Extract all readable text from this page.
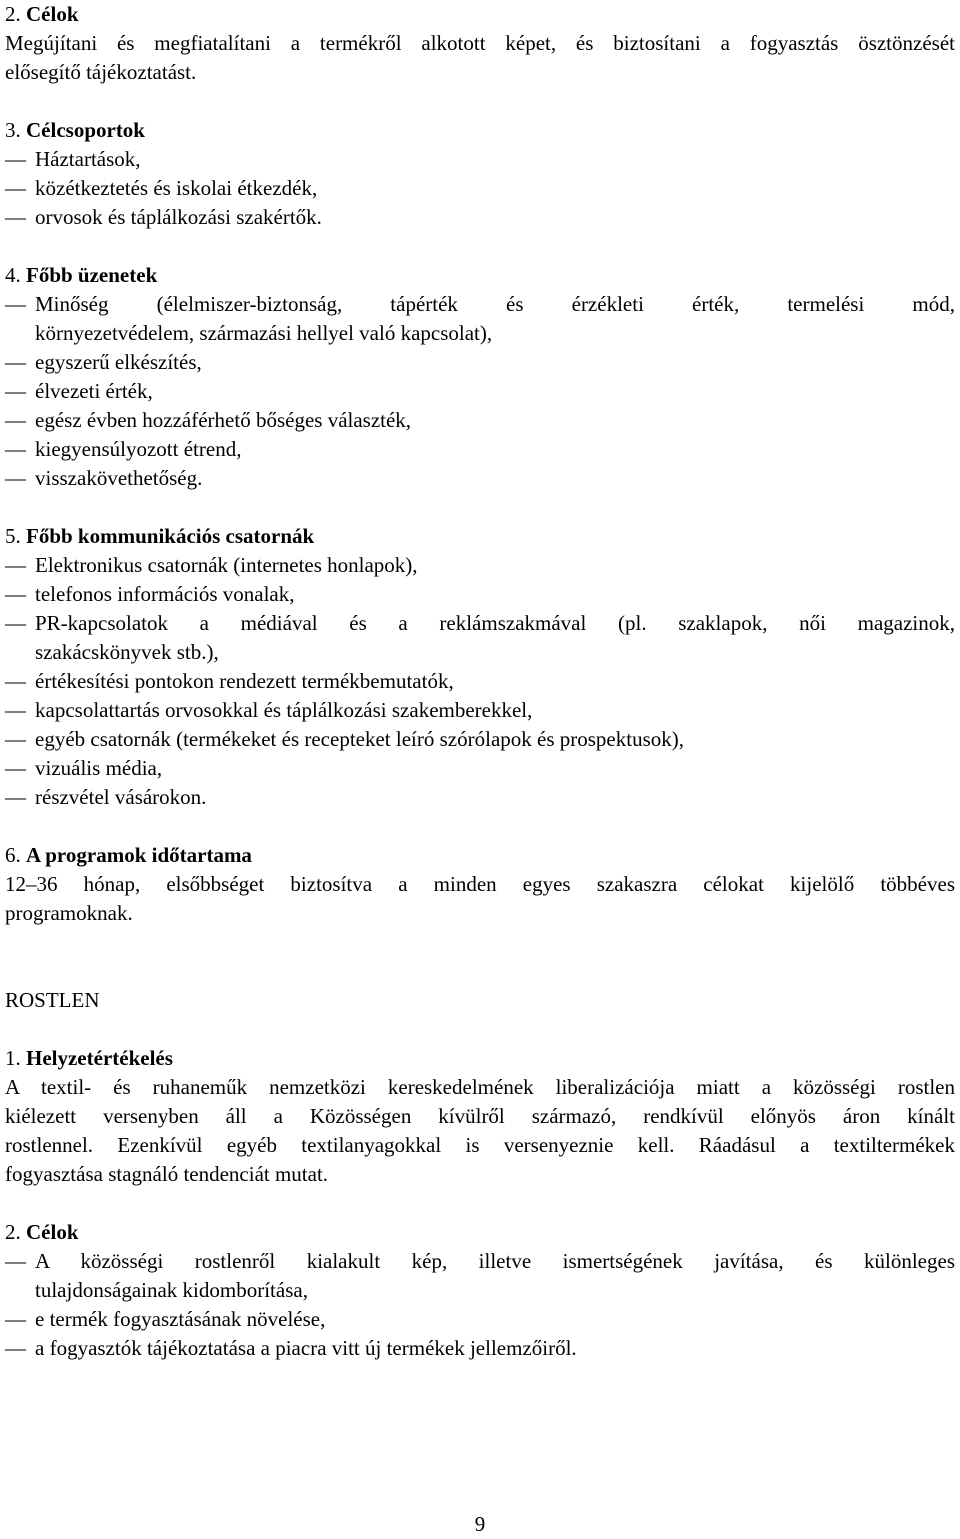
2. Célok
Megújítani és megfiatalítani a termékről alkotott képet, és biztosítani a fogyasztás ösztönzését
elősegítő tájékoztatást.
3. Célcsoportok
— Háztartások,
— közétkeztetés és iskolai étkezdék,
— orvosok és táplálkozási szakértők.
4. Főbb üzenetek
— Minőség (élelmiszer-biztonság, tápérték és érzékleti érték, termelési mód,
környezetvédelem, származási hellyel való kapcsolat),
— egyszerű elkészítés,
— élvezeti érték,
— egész évben hozzáférhető bőséges választék,
— kiegyensúlyozott étrend,
— visszakövethetőség.
5. Főbb kommunikációs csatornák
— Elektronikus csatornák (internetes honlapok),
— telefonos információs vonalak,
— PR-kapcsolatok a médiával és a reklámszakmával (pl. szaklapok, női magazinok,
szakácskönyvek stb.),
— értékesítési pontokon rendezett termékbemutatók,
— kapcsolattartás orvosokkal és táplálkozási szakemberekkel,
— egyéb csatornák (termékeket és recepteket leíró szórólapok és prospektusok),
— vizuális média,
— részvétel vásárokon.
6. A programok időtartama
12–36 hónap, elsőbbséget biztosítva a minden egyes szakaszra célokat kijelölő többéves
programoknak.
ROSTLEN
1. Helyzetértékelés
A textil- és ruhaneműk nemzetközi kereskedelmének liberalizációja miatt a közösségi rostlen
kiélezett versenyben áll a Közösségen kívülről származó, rendkívül előnyös áron kínált
rostlennel. Ezenkívül egyéb textilanyagokkal is versenyeznie kell. Ráadásul a textiltermékek
fogyasztása stagnáló tendenciát mutat.
2. Célok
— A közösségi rostlenről kialakult kép, illetve ismertségének javítása, és különleges
tulajdonságainak kidomborítása,
— e termék fogyasztásának növelése,
— a fogyasztók tájékoztatása a piacra vitt új termékek jellemzőiről.
9
